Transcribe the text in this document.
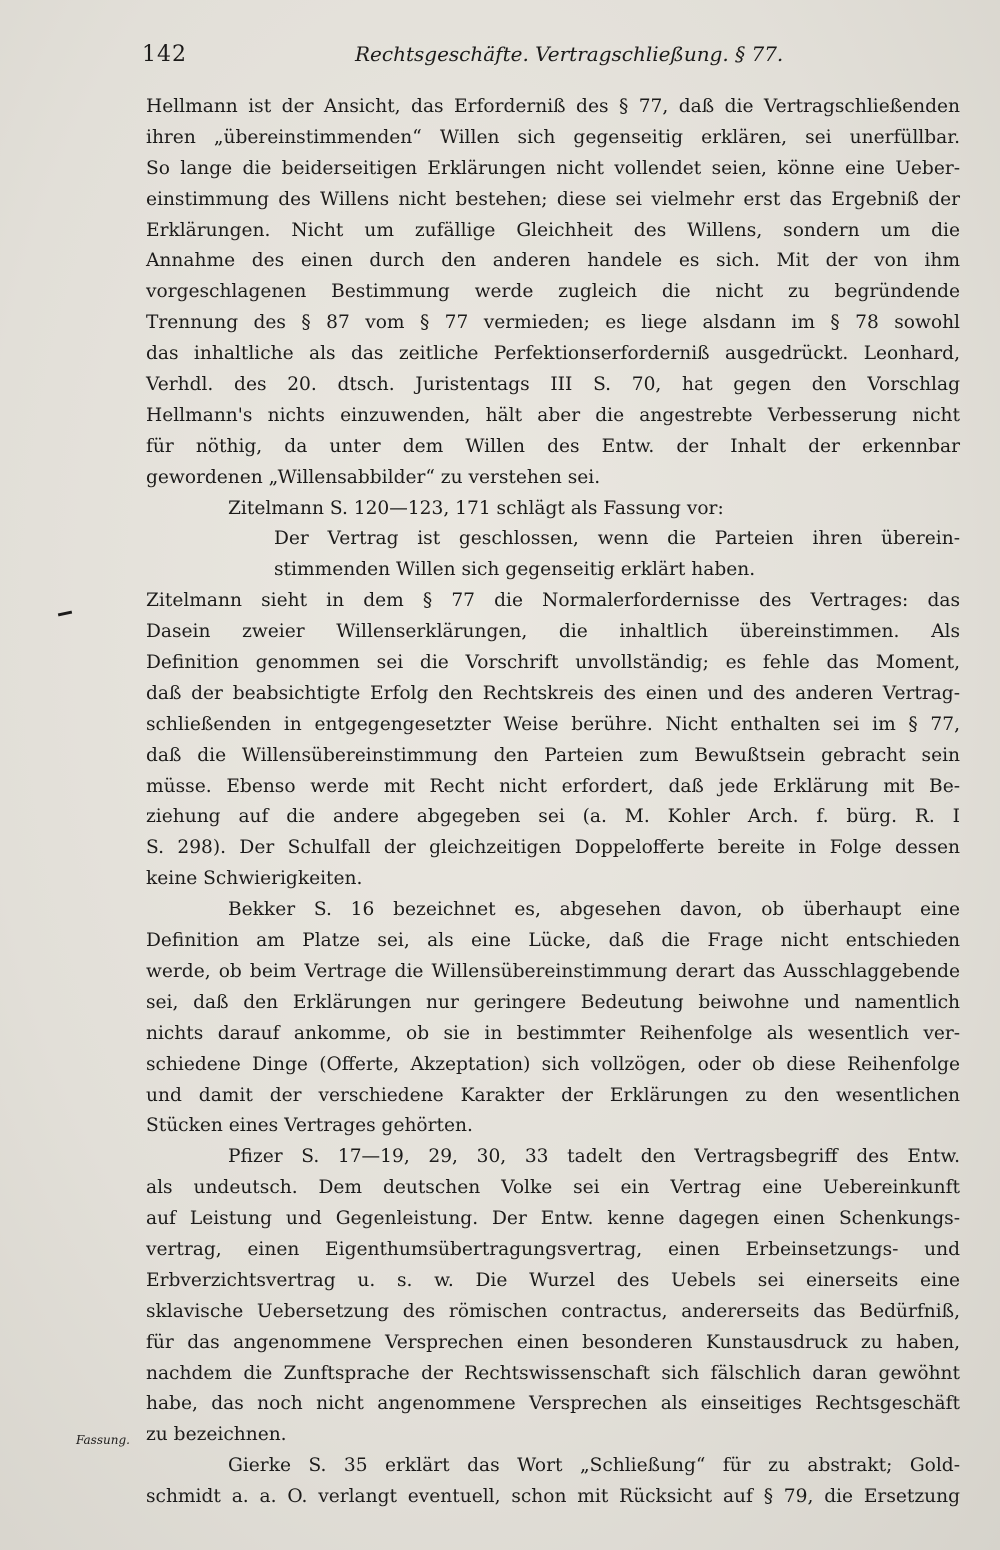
142	Rechtsgeschäfte. Vertragschließung. § 77.
Hellmann ist der Ansicht, das Erforderniß des § 77, daß die Vertragschließenden
ihren „übereinstimmenden“ Willen sich gegenseitig erklären, sei unerfüllbar.
So lange die beiderseitigen Erklärungen nicht vollendet seien, könne eine Ueber-
einstimmung des Willens nicht bestehen; diese sei vielmehr erst das Ergebniß der
Erklärungen. Nicht um zufällige Gleichheit des Willens, sondern um die
Annahme des einen durch den anderen handele es sich. Mit der von ihm
vorgeschlagenen Bestimmung werde zugleich die nicht zu begründende
Trennung des § 87 vom § 77 vermieden; es liege alsdann im § 78 sowohl
das inhaltliche als das zeitliche Perfektionserforderniß ausgedrückt. Leonhard,
Verhdl. des 20. dtsch. Juristentags III S. 70, hat gegen den Vorschlag
Hellmann's nichts einzuwenden, hält aber die angestrebte Verbesserung nicht
für nöthig, da unter dem Willen des Entw. der Inhalt der erkennbar
gewordenen „Willensabbilder“ zu verstehen sei.
Zitelmann S. 120—123, 171 schlägt als Fassung vor:
Der Vertrag ist geschlossen, wenn die Parteien ihren überein-
stimmenden Willen sich gegenseitig erklärt haben.
Zitelmann sieht in dem § 77 die Normalerfordernisse des Vertrages: das
Dasein zweier Willenserklärungen, die inhaltlich übereinstimmen. Als
Definition genommen sei die Vorschrift unvollständig; es fehle das Moment,
daß der beabsichtigte Erfolg den Rechtskreis des einen und des anderen Vertrag-
schließenden in entgegengesetzter Weise berühre. Nicht enthalten sei im § 77,
daß die Willensübereinstimmung den Parteien zum Bewußtsein gebracht sein
müsse. Ebenso werde mit Recht nicht erfordert, daß jede Erklärung mit Be-
ziehung auf die andere abgegeben sei (a. M. Kohler Arch. f. bürg. R. I
S. 298). Der Schulfall der gleichzeitigen Doppelofferte bereite in Folge dessen
keine Schwierigkeiten.
Bekker S. 16 bezeichnet es, abgesehen davon, ob überhaupt eine
Definition am Platze sei, als eine Lücke, daß die Frage nicht entschieden
werde, ob beim Vertrage die Willensübereinstimmung derart das Ausschlaggebende
sei, daß den Erklärungen nur geringere Bedeutung beiwohne und namentlich
nichts darauf ankomme, ob sie in bestimmter Reihenfolge als wesentlich ver-
schiedene Dinge (Offerte, Akzeptation) sich vollzögen, oder ob diese Reihenfolge
und damit der verschiedene Karakter der Erklärungen zu den wesentlichen
Stücken eines Vertrages gehörten.
Pfizer S. 17—19, 29, 30, 33 tadelt den Vertragsbegriff des Entw.
als undeutsch. Dem deutschen Volke sei ein Vertrag eine Uebereinkunft
auf Leistung und Gegenleistung. Der Entw. kenne dagegen einen Schenkungs-
vertrag, einen Eigenthumsübertragungsvertrag, einen Erbeinsetzungs- und
Erbverzichtsvertrag u. s. w. Die Wurzel des Uebels sei einerseits eine
sklavische Uebersetzung des römischen contractus, andererseits das Bedürfniß,
für das angenommene Versprechen einen besonderen Kunstausdruck zu haben,
nachdem die Zunftsprache der Rechtswissenschaft sich fälschlich daran gewöhnt
habe, das noch nicht angenommene Versprechen als einseitiges Rechtsgeschäft
zu bezeichnen.
Gierke S. 35 erklärt das Wort „Schließung“ für zu abstrakt; Gold-
schmidt a. a. O. verlangt eventuell, schon mit Rücksicht auf § 79, die Ersetzung
Fassung.
